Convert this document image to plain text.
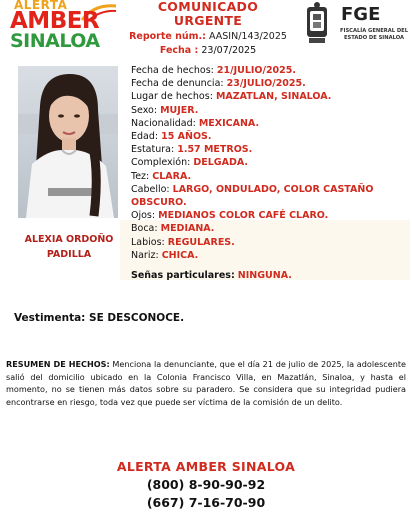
ALERTA
AMBER
SINALOA
COMUNICADO URGENTE
Reporte núm.: AASIN/143/2025
Fecha : 23/07/2025
FGE
FISCALÍA GENERAL DEL
ESTADO DE SINALOA
ALEXIA ORDOÑO
PADILLA
Fecha de hechos: 21/JULIO/2025.
Fecha de denuncia: 23/JULIO/2025.
Lugar de hechos: MAZATLAN, SINALOA.
Sexo: MUJER.
Nacionalidad: MEXICANA.
Edad: 15 AÑOS.
Estatura: 1.57 METROS.
Complexión: DELGADA.
Tez: CLARA.
Cabello: LARGO, ONDULADO, COLOR CASTAÑO OBSCURO.
Ojos: MEDIANOS COLOR CAFÉ CLARO.
Boca: MEDIANA.
Labios: REGULARES.
Nariz: CHICA.
Señas particulares: NINGUNA.
Vestimenta: SE DESCONOCE.
RESUMEN DE HECHOS: Menciona la denunciante, que el día 21 de julio de 2025, la adolescente salió del domicilio ubicado en la Colonia Francisco Villa, en Mazatlán, Sinaloa, y hasta el momento, no se tienen más datos sobre su paradero. Se considera que su integridad pudiera encontrarse en riesgo, toda vez que puede ser víctima de la comisión de un delito.
ALERTA AMBER SINALOA
(800) 8-90-90-92
(667) 7-16-70-90
